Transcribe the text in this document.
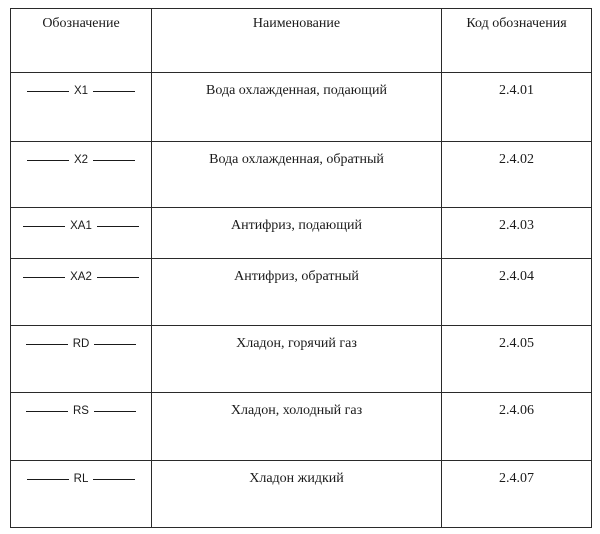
Обозначение	Наименование	Код обозначения

X1	Вода охлажденная, подающий	2.4.01

X2	Вода охлажденная, обратный	2.4.02

XA1	Антифриз, подающий	2.4.03

XA2	Антифриз, обратный	2.4.04

RD	Хладон, горячий газ	2.4.05

RS	Хладон, холодный газ	2.4.06

RL	Хладон жидкий	2.4.07
